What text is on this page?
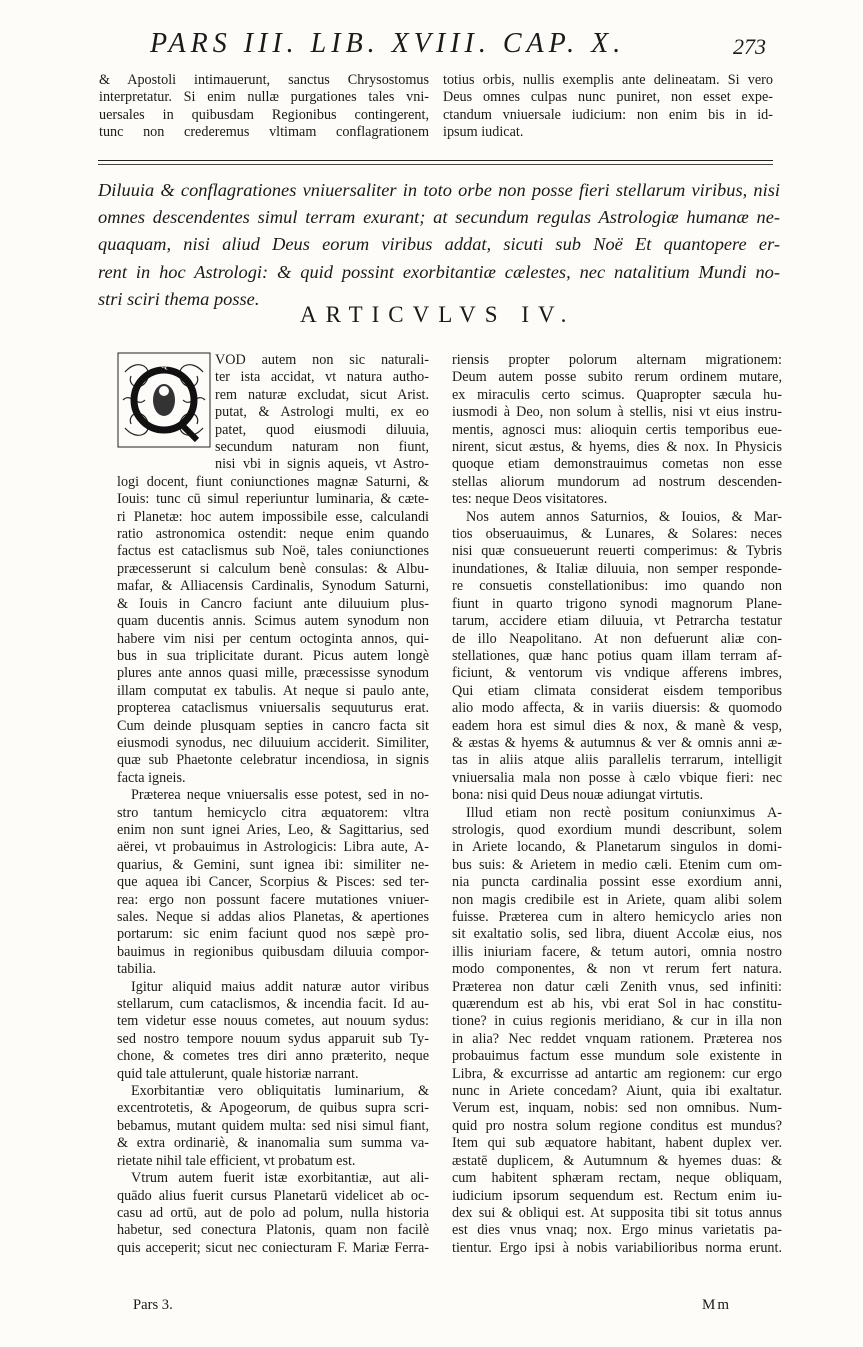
PARS III. LIB. XVIII. CAP. X.	273
& Apostoli intimauerunt, sanctus Chrysostomus
interpretatur. Si enim nullæ purgationes tales vni-
uersales in quibusdam Regionibus contingerent,
tunc non crederemus vltimam conflagrationem
totius orbis, nullis exemplis ante delineatam. Si vero
Deus omnes culpas nunc puniret, non esset expe-
ctandum vniuersale iudicium: non enim bis in id-
ipsum iudicat.
Diluuia & conflagrationes vniuersaliter in toto orbe non posse fieri stellarum viribus, nisi
omnes descendentes simul terram exurant; at secundum regulas Astrologiæ humanæ ne-
quaquam, nisi aliud Deus eorum viribus addat, sicuti sub Noë Et quantopere er-
rent in hoc Astrologi: & quid possint exorbitantiæ cælestes, nec natalitium Mundi no-
stri sciri thema posse.
ARTICVLVS IV.
Q	VOD autem non sic naturali-
ter ista accidat, vt natura autho-
rem naturæ excludat, sicut Arist.
putat, & Astrologi multi, ex eo
patet, quod eiusmodi diluuia,
secundum naturam non fiunt,
nisi vbi in signis aqueis, vt Astro-
logi docent, fiunt coniunctiones magnæ Saturni, &
Iouis: tunc cū simul reperiuntur luminaria, & cæte-
ri Planetæ: hoc autem impossibile esse, calculandi
ratio astronomica ostendit: neque enim quando
factus est cataclismus sub Noë, tales coniunctiones
præcesserunt si calculum benè consulas: & Albu-
mafar, & Alliacensis Cardinalis, Synodum Saturni,
& Iouis in Cancro faciunt ante diluuium plus-
quam ducentis annis. Scimus autem synodum non
habere vim nisi per centum octoginta annos, qui-
bus in sua triplicitate durant. Picus autem longè
plures ante annos quasi mille, præcessisse synodum
illam computat ex tabulis. At neque si paulo ante,
propterea cataclismus vniuersalis sequuturus erat.
Cum deinde plusquam septies in cancro facta sit
eiusmodi synodus, nec diluuium acciderit. Similiter,
quæ sub Phaetonte celebratur incendiosa, in signis
facta igneis.
Præterea neque vniuersalis esse potest, sed in no-
stro tantum hemicyclo citra æquatorem: vltra
enim non sunt ignei Aries, Leo, & Sagittarius, sed
aërei, vt probauimus in Astrologicis: Libra aute, A-
quarius, & Gemini, sunt ignea ibi: similiter ne-
que aquea ibi Cancer, Scorpius & Pisces: sed ter-
rea: ergo non possunt facere mutationes vniuer-
sales. Neque si addas alios Planetas, & apertiones
portarum: sic enim faciunt quod nos sæpè pro-
bauimus in regionibus quibusdam diluuia compor-
tabilia.
Igitur aliquid maius addit naturæ autor viribus
stellarum, cum cataclismos, & incendia facit. Id au-
tem videtur esse nouus cometes, aut nouum sydus:
sed nostro tempore nouum sydus apparuit sub Ty-
chone, & cometes tres diri anno præterito, neque
quid tale attulerunt, quale historiæ narrant.
Exorbitantiæ vero obliquitatis luminarium, &
excentrotetis, & Apogeorum, de quibus supra scri-
bebamus, mutant quidem multa: sed nisi simul fiant,
& extra ordinariè, & inanomalia sum summa va-
rietate nihil tale efficient, vt probatum est.
Vtrum autem fuerit istæ exorbitantiæ, aut ali-
quādo alius fuerit cursus Planetarū videlicet ab oc-
casu ad ortū, aut de polo ad polum, nulla historia
habetur, sed conectura Platonis, quam non facilè
quis acceperit; sicut nec coniecturam F. Mariæ Ferra-
riensis propter polorum alternam migrationem:
Deum autem posse subito rerum ordinem mutare,
ex miraculis certo scimus. Quapropter sæcula hu-
iusmodi à Deo, non solum à stellis, nisi vt eius instru-
mentis, agnosci mus: alioquin certis temporibus eue-
nirent, sicut æstus, & hyems, dies & nox. In Physicis
quoque etiam demonstrauimus cometas non esse
stellas aliorum mundorum ad nostrum descenden-
tes: neque Deos visitatores.
Nos autem annos Saturnios, & Iouios, & Mar-
tios obseruauimus, & Lunares, & Solares: neces
nisi quæ consueuerunt reuerti comperimus: & Tybris
inundationes, & Italiæ diluuia, non semper responde-
re consuetis constellationibus: imo quando non
fiunt in quarto trigono synodi magnorum Plane-
tarum, accidere etiam diluuia, vt Petrarcha testatur
de illo Neapolitano. At non defuerunt aliæ con-
stellationes, quæ hanc potius quam illam terram af-
ficiunt, & ventorum vis vndique afferens imbres,
Qui etiam climata considerat eisdem temporibus
alio modo affecta, & in variis diuersis: & quomodo
eadem hora est simul dies & nox, & manè & vesp,
& æstas & hyems & autumnus & ver & omnis anni æ-
tas in aliis atque aliis parallelis terrarum, intelligit
vniuersalia mala non posse à cælo vbique fieri: nec
bona: nisi quid Deus nouæ adiungat virtutis.
Illud etiam non rectè positum coniunximus A-
strologis, quod exordium mundi describunt, solem
in Ariete locando, & Planetarum singulos in domi-
bus suis: & Arietem in medio cæli. Etenim cum om-
nia puncta cardinalia possint esse exordium anni,
non magis credibile est in Ariete, quam alibi solem
fuisse. Præterea cum in altero hemicyclo aries non
sit exaltatio solis, sed libra, diuent Accolæ eius, nos
illis iniuriam facere, & tetum autori, omnia nostro
modo componentes, & non vt rerum fert natura.
Præterea non datur cæli Zenith vnus, sed infiniti:
quærendum est ab his, vbi erat Sol in hac constitu-
tione? in cuius regionis meridiano, & cur in illa non
in alia? Nec reddet vnquam rationem. Præterea nos
probauimus factum esse mundum sole existente in
Libra, & excurrisse ad antartic am regionem: cur ergo
nunc in Ariete concedam? Aiunt, quia ibi exaltatur.
Verum est, inquam, nobis: sed non omnibus. Num-
quid pro nostra solum regione conditus est mundus?
Item qui sub æquatore habitant, habent duplex ver.
æstatē duplicem, & Autumnum & hyemes duas: &
cum habitent sphæram rectam, neque obliquam,
iudicium ipsorum sequendum est. Rectum enim iu-
dex sui & obliqui est. At supposita tibi sit totus annus
est dies vnus vnaq; nox. Ergo minus varietatis pa-
tientur. Ergo ipsi à nobis variabilioribus norma erunt.
Pars 3.	Mm
